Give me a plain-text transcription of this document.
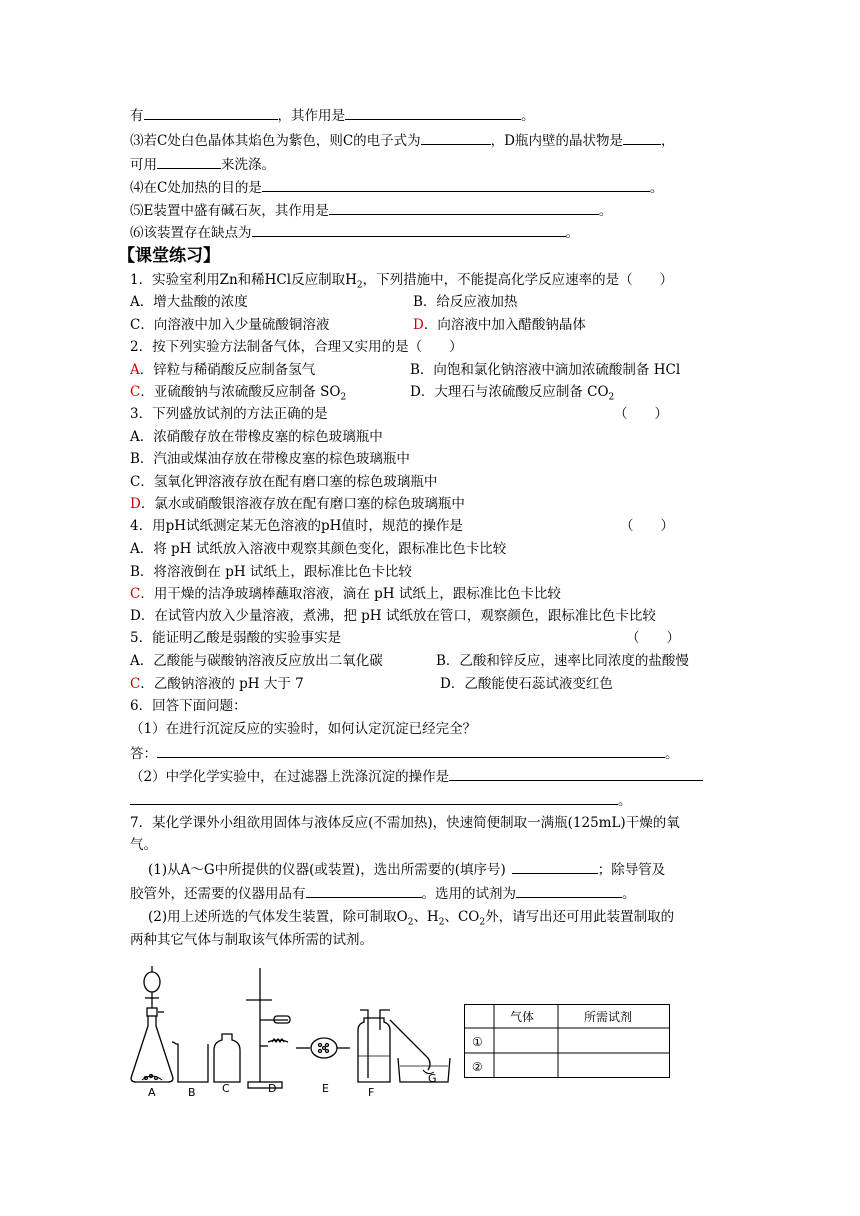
有	，其作用是	。
⑶若C处白色晶体其焰色为紫色，则C的电子式为	，D瓶内壁的晶状物是	，
可用	来洗涤。
⑷在C处加热的目的是	。
⑸E装置中盛有碱石灰，其作用是	。
⑹该装置存在缺点为	。
【课堂练习】
1．实验室利用Zn和稀HCl反应制取$H_2$，下列措施中，不能提高化学反应速率的是（　　）
A．增大盐酸的浓度	B．给反应液加热
C．向溶液中加入少量硫酸铜溶液	D．向溶液中加入醋酸钠晶体
2．按下列实验方法制备气体，合理又实用的是（　　）
A．锌粒与稀硝酸反应制备氢气	B．向饱和氯化钠溶液中滴加浓硫酸制备 HCl
C．亚硫酸钠与浓硫酸反应制备 $SO_2$	D．大理石与浓硫酸反应制备 $CO_2$
3．下列盛放试剂的方法正确的是	（　　）
A．浓硝酸存放在带橡皮塞的棕色玻璃瓶中
B．汽油或煤油存放在带橡皮塞的棕色玻璃瓶中
C．氢氧化钾溶液存放在配有磨口塞的棕色玻璃瓶中
D．氯水或硝酸银溶液存放在配有磨口塞的棕色玻璃瓶中
4．用pH试纸测定某无色溶液的pH值时，规范的操作是	（　　）
A．将 pH 试纸放入溶液中观察其颜色变化，跟标准比色卡比较
B．将溶液倒在 pH 试纸上，跟标准比色卡比较
C．用干燥的洁净玻璃棒蘸取溶液，滴在 pH 试纸上，跟标准比色卡比较
D．在试管内放入少量溶液，煮沸，把 pH 试纸放在管口，观察颜色，跟标准比色卡比较
5．能证明乙酸是弱酸的实验事实是	（　　）
A．乙酸能与碳酸钠溶液反应放出二氧化碳	B．乙酸和锌反应，速率比同浓度的盐酸慢
C．乙酸钠溶液的 pH 大于 7	D．乙酸能使石蕊试液变红色
6．回答下面问题：
（1）在进行沉淀反应的实验时，如何认定沉淀已经完全？
答：	。
（2）中学化学实验中，在过滤器上洗涤沉淀的操作是
。
7．某化学课外小组欲用固体与液体反应(不需加热)，快速简便制取一满瓶(125mL)干燥的氧
气。
(1)从A～G中所提供的仪器(或装置)，选出所需要的(填序号)	；除导管及
胶管外，还需要的仪器用品有	。选用的试剂为	。
(2)用上述所选的气体发生装置，除可制取$O_2$、$H_2$、$CO_2$外，请写出还可用此装置制取的
两种其它气体与制取该气体所需的试剂。
A	B C	D	E	F
G
气体	所需试剂
①
②
